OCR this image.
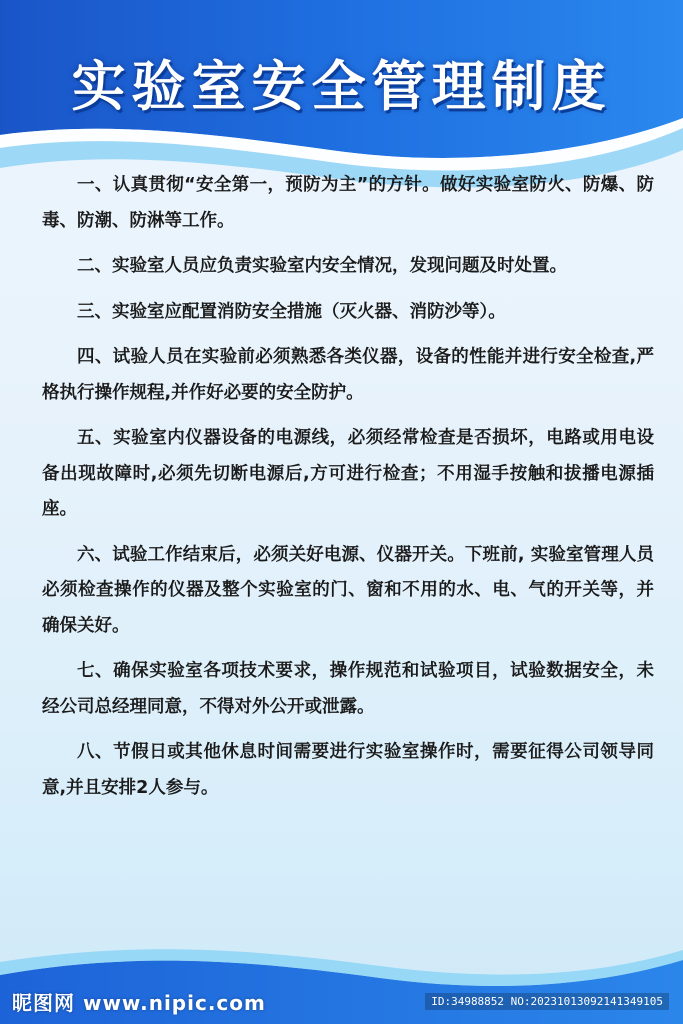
实验室安全管理制度

一、认真贯彻“安全第一，预防为主”的方针。做好实验室防火、防爆、防毒、防潮、防淋等工作。

二、实验室人员应负责实验室内安全情况，发现问题及时处置。

三、实验室应配置消防安全措施（灭火器、消防沙等）。

四、试验人员在实验前必须熟悉各类仪器，设备的性能并进行安全检查,严格执行操作规程,并作好必要的安全防护。

五、实验室内仪器设备的电源线，必须经常检查是否损坏，电路或用电设备出现故障时,必须先切断电源后,方可进行检查；不用湿手按触和拔播电源插座。

六、试验工作结束后，必须关好电源、仪器开关。下班前, 实验室管理人员必须检查操作的仪器及整个实验室的门、窗和不用的水、电、气的开关等，并确保关好。

七、确保实验室各项技术要求，操作规范和试验项目，试验数据安全，未经公司总经理同意，不得对外公开或泄露。

八、节假日或其他休息时间需要进行实验室操作时，需要征得公司领导同意,并且安排2人参与。

昵图网 www.nipic.com	ID:34988852 NO:20231013092141349105
